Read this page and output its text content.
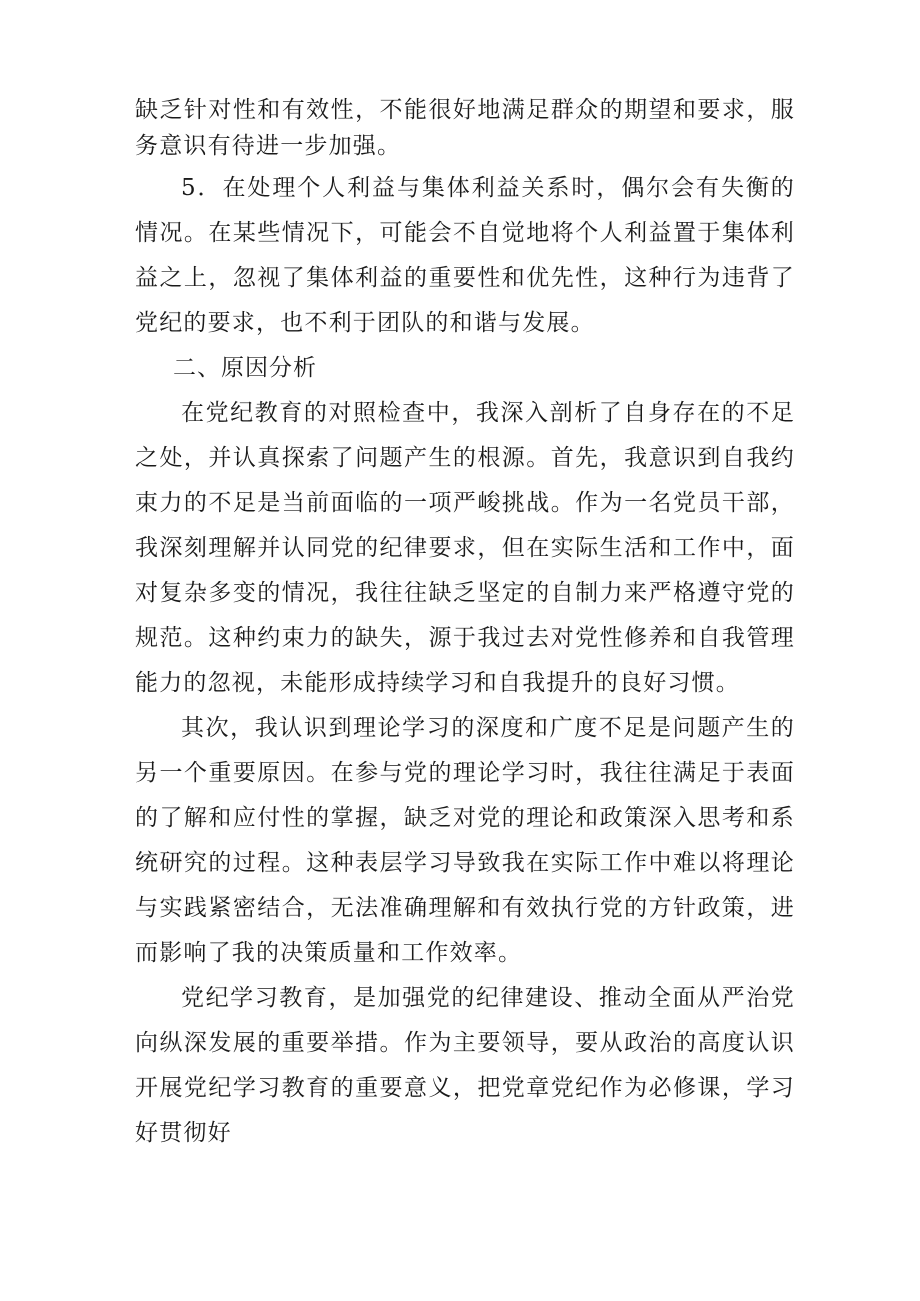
缺乏针对性和有效性，不能很好地满足群众的期望和要求，服务意识有待进一步加强。

5．在处理个人利益与集体利益关系时，偶尔会有失衡的情况。在某些情况下，可能会不自觉地将个人利益置于集体利益之上，忽视了集体利益的重要性和优先性，这种行为违背了党纪的要求，也不利于团队的和谐与发展。

二、原因分析

在党纪教育的对照检查中，我深入剖析了自身存在的不足之处，并认真探索了问题产生的根源。首先，我意识到自我约束力的不足是当前面临的一项严峻挑战。作为一名党员干部，我深刻理解并认同党的纪律要求，但在实际生活和工作中，面对复杂多变的情况，我往往缺乏坚定的自制力来严格遵守党的规范。这种约束力的缺失，源于我过去对党性修养和自我管理能力的忽视，未能形成持续学习和自我提升的良好习惯。

其次，我认识到理论学习的深度和广度不足是问题产生的另一个重要原因。在参与党的理论学习时，我往往满足于表面的了解和应付性的掌握，缺乏对党的理论和政策深入思考和系统研究的过程。这种表层学习导致我在实际工作中难以将理论与实践紧密结合，无法准确理解和有效执行党的方针政策，进而影响了我的决策质量和工作效率。

党纪学习教育，是加强党的纪律建设、推动全面从严治党向纵深发展的重要举措。作为主要领导，要从政治的高度认识开展党纪学习教育的重要意义，把党章党纪作为必修课，学习好贯彻好
